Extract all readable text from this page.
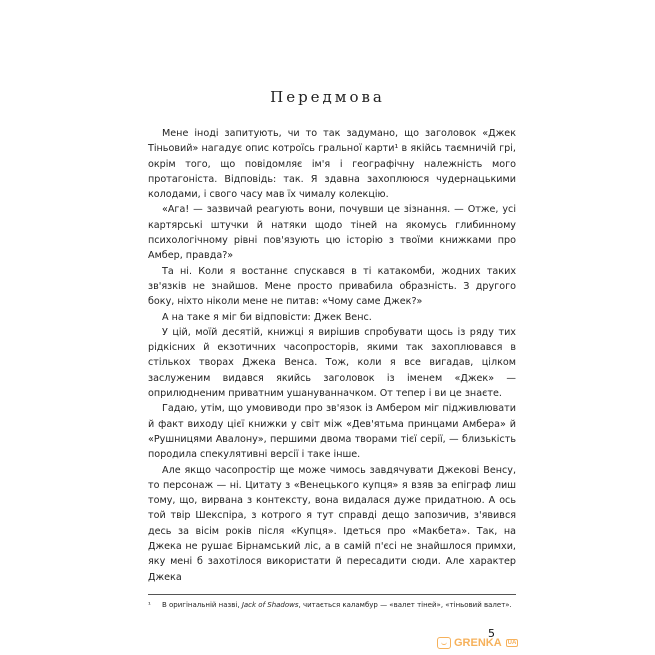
Передмова

Мене іноді запитують, чи то так задумано, що заголовок «Джек Тіньовий» нагадує опис котроїсь гральної карти¹ в якійсь таємничій грі, окрім того, що повідомляє ім'я і географічну належність мого протагоніста. Відповідь: так. Я здавна захоплююся чудернацькими колодами, і свого часу мав їх чималу колекцію.

«Ага! — зазвичай реагують вони, почувши це зізнання. — Отже, усі картярські штучки й натяки щодо тіней на якомусь глибинному психологічному рівні пов'язують цю історію з твоїми книжками про Амбер, правда?»

Та ні. Коли я востаннє спускався в ті катакомби, жодних таких зв'язків не знайшов. Мене просто привабила образність. З другого боку, ніхто ніколи мене не питав: «Чому саме Джек?»

А на таке я міг би відповісти: Джек Венс.

У цій, моїй десятій, книжці я вирішив спробувати щось із ряду тих рідкісних й екзотичних часопросторів, якими так захоплювався в стількох творах Джека Венса. Тож, коли я все вигадав, цілком заслуженим видався якийсь заголовок із іменем «Джек» — оприлюдненим приватним ушануванначком. От тепер і ви це знаєте.

Гадаю, утім, що умовиводи про зв'язок із Амбером міг підживлювати й факт виходу цієї книжки у світ між «Дев'ятьма принцами Амбера» й «Рушницями Авалону», першими двома творами тієї серії, — близькість породила спекулятивні версії і таке інше.

Але якщо часопростір ще може чимось завдячувати Джекові Венсу, то персонаж — ні. Цитату з «Венецького купця» я взяв за епіграф лиш тому, що, вирвана з контексту, вона видалася дуже придатною. А ось той твір Шекспіра, з котрого я тут справді дещо запозичив, з'явився десь за вісім років після «Купця». Ідеться про «Макбета». Так, на Джека не рушає Бірнамський ліс, а в самій п'єсі не знайшлося примхи, яку мені б захотілося використати й пересадити сюди. Але характер Джека

¹ В оригінальній назві, Jack of Shadows, читається каламбур — «валет тіней», «тіньовий валет».
5
GRENKA	UA
